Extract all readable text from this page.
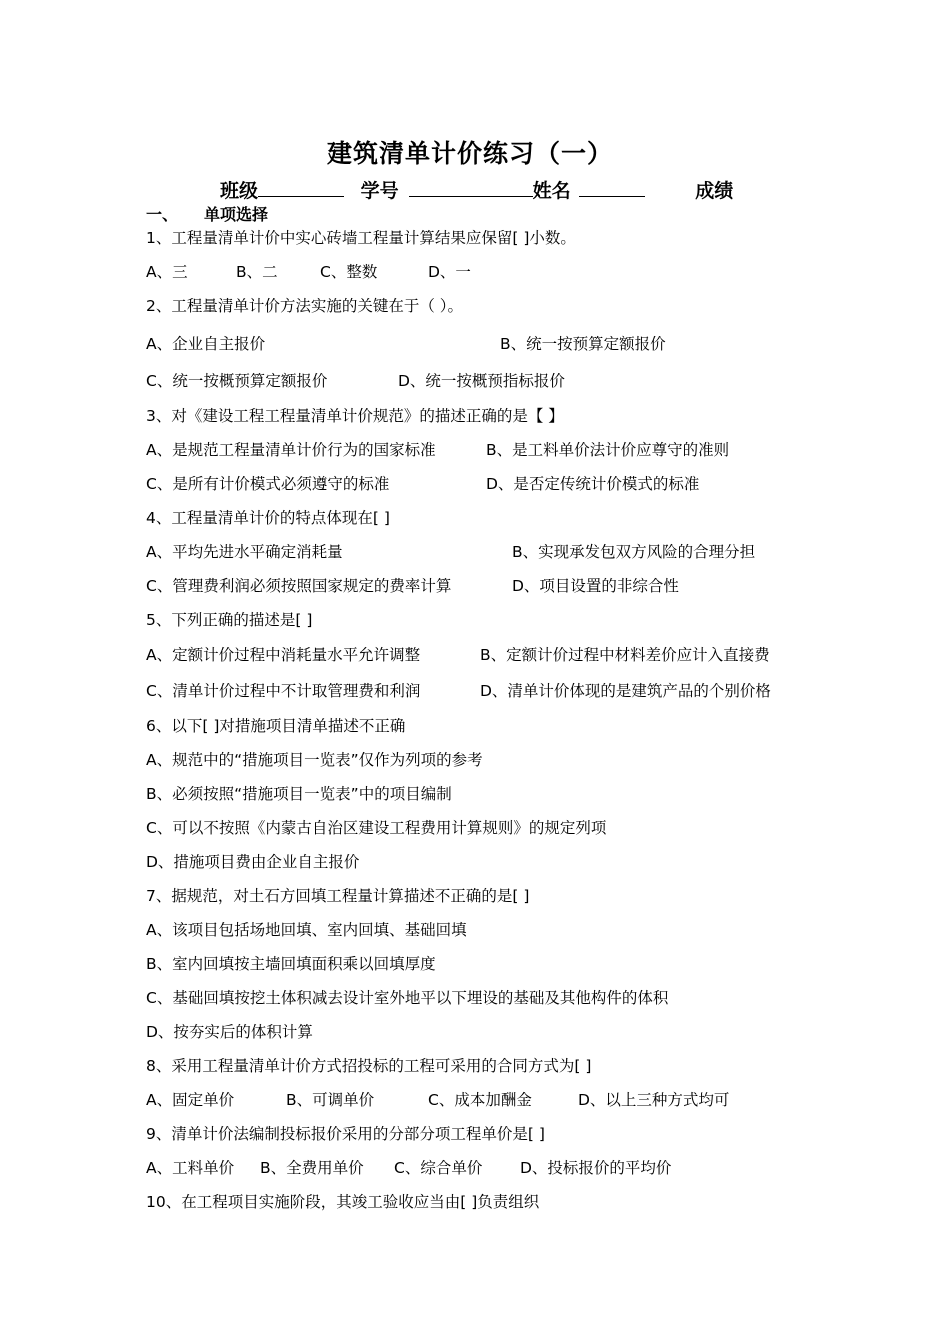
建筑清单计价练习（一）
班级	学号	姓名	成绩
一、 单项选择
1、工程量清单计价中实心砖墙工程量计算结果应保留[ ]小数。
A、三	B、二	C、整数	D、一
2、工程量清单计价方法实施的关键在于（ ）。
A、企业自主报价	B、统一按预算定额报价
C、统一按概预算定额报价	D、统一按概预指标报价
3、对《建设工程工程量清单计价规范》的描述正确的是【 】
A、是规范工程量清单计价行为的国家标准	B、是工料单价法计价应尊守的准则
C、是所有计价模式必须遵守的标准	D、是否定传统计价模式的标准
4、工程量清单计价的特点体现在[ ]
A、平均先进水平确定消耗量	B、实现承发包双方风险的合理分担
C、管理费利润必须按照国家规定的费率计算	D、项目设置的非综合性
5、下列正确的描述是[ ]
A、定额计价过程中消耗量水平允许调整	B、定额计价过程中材料差价应计入直接费
C、清单计价过程中不计取管理费和利润	D、清单计价体现的是建筑产品的个别价格
6、以下[ ]对措施项目清单描述不正确
A、规范中的“措施项目一览表”仅作为列项的参考
B、必须按照“措施项目一览表”中的项目编制
C、可以不按照《内蒙古自治区建设工程费用计算规则》的规定列项
D、措施项目费由企业自主报价
7、据规范，对土石方回填工程量计算描述不正确的是[ ]
A、该项目包括场地回填、室内回填、基础回填
B、室内回填按主墙回填面积乘以回填厚度
C、基础回填按挖土体积减去设计室外地平以下埋设的基础及其他构件的体积
D、按夯实后的体积计算
8、采用工程量清单计价方式招投标的工程可采用的合同方式为[ ]
A、固定单价	B、可调单价	C、成本加酬金	D、以上三种方式均可
9、清单计价法编制投标报价采用的分部分项工程单价是[ ]
A、工料单价 B、全费用单价 C、综合单价 D、投标报价的平均价
10、在工程项目实施阶段，其竣工验收应当由[ ]负责组织
